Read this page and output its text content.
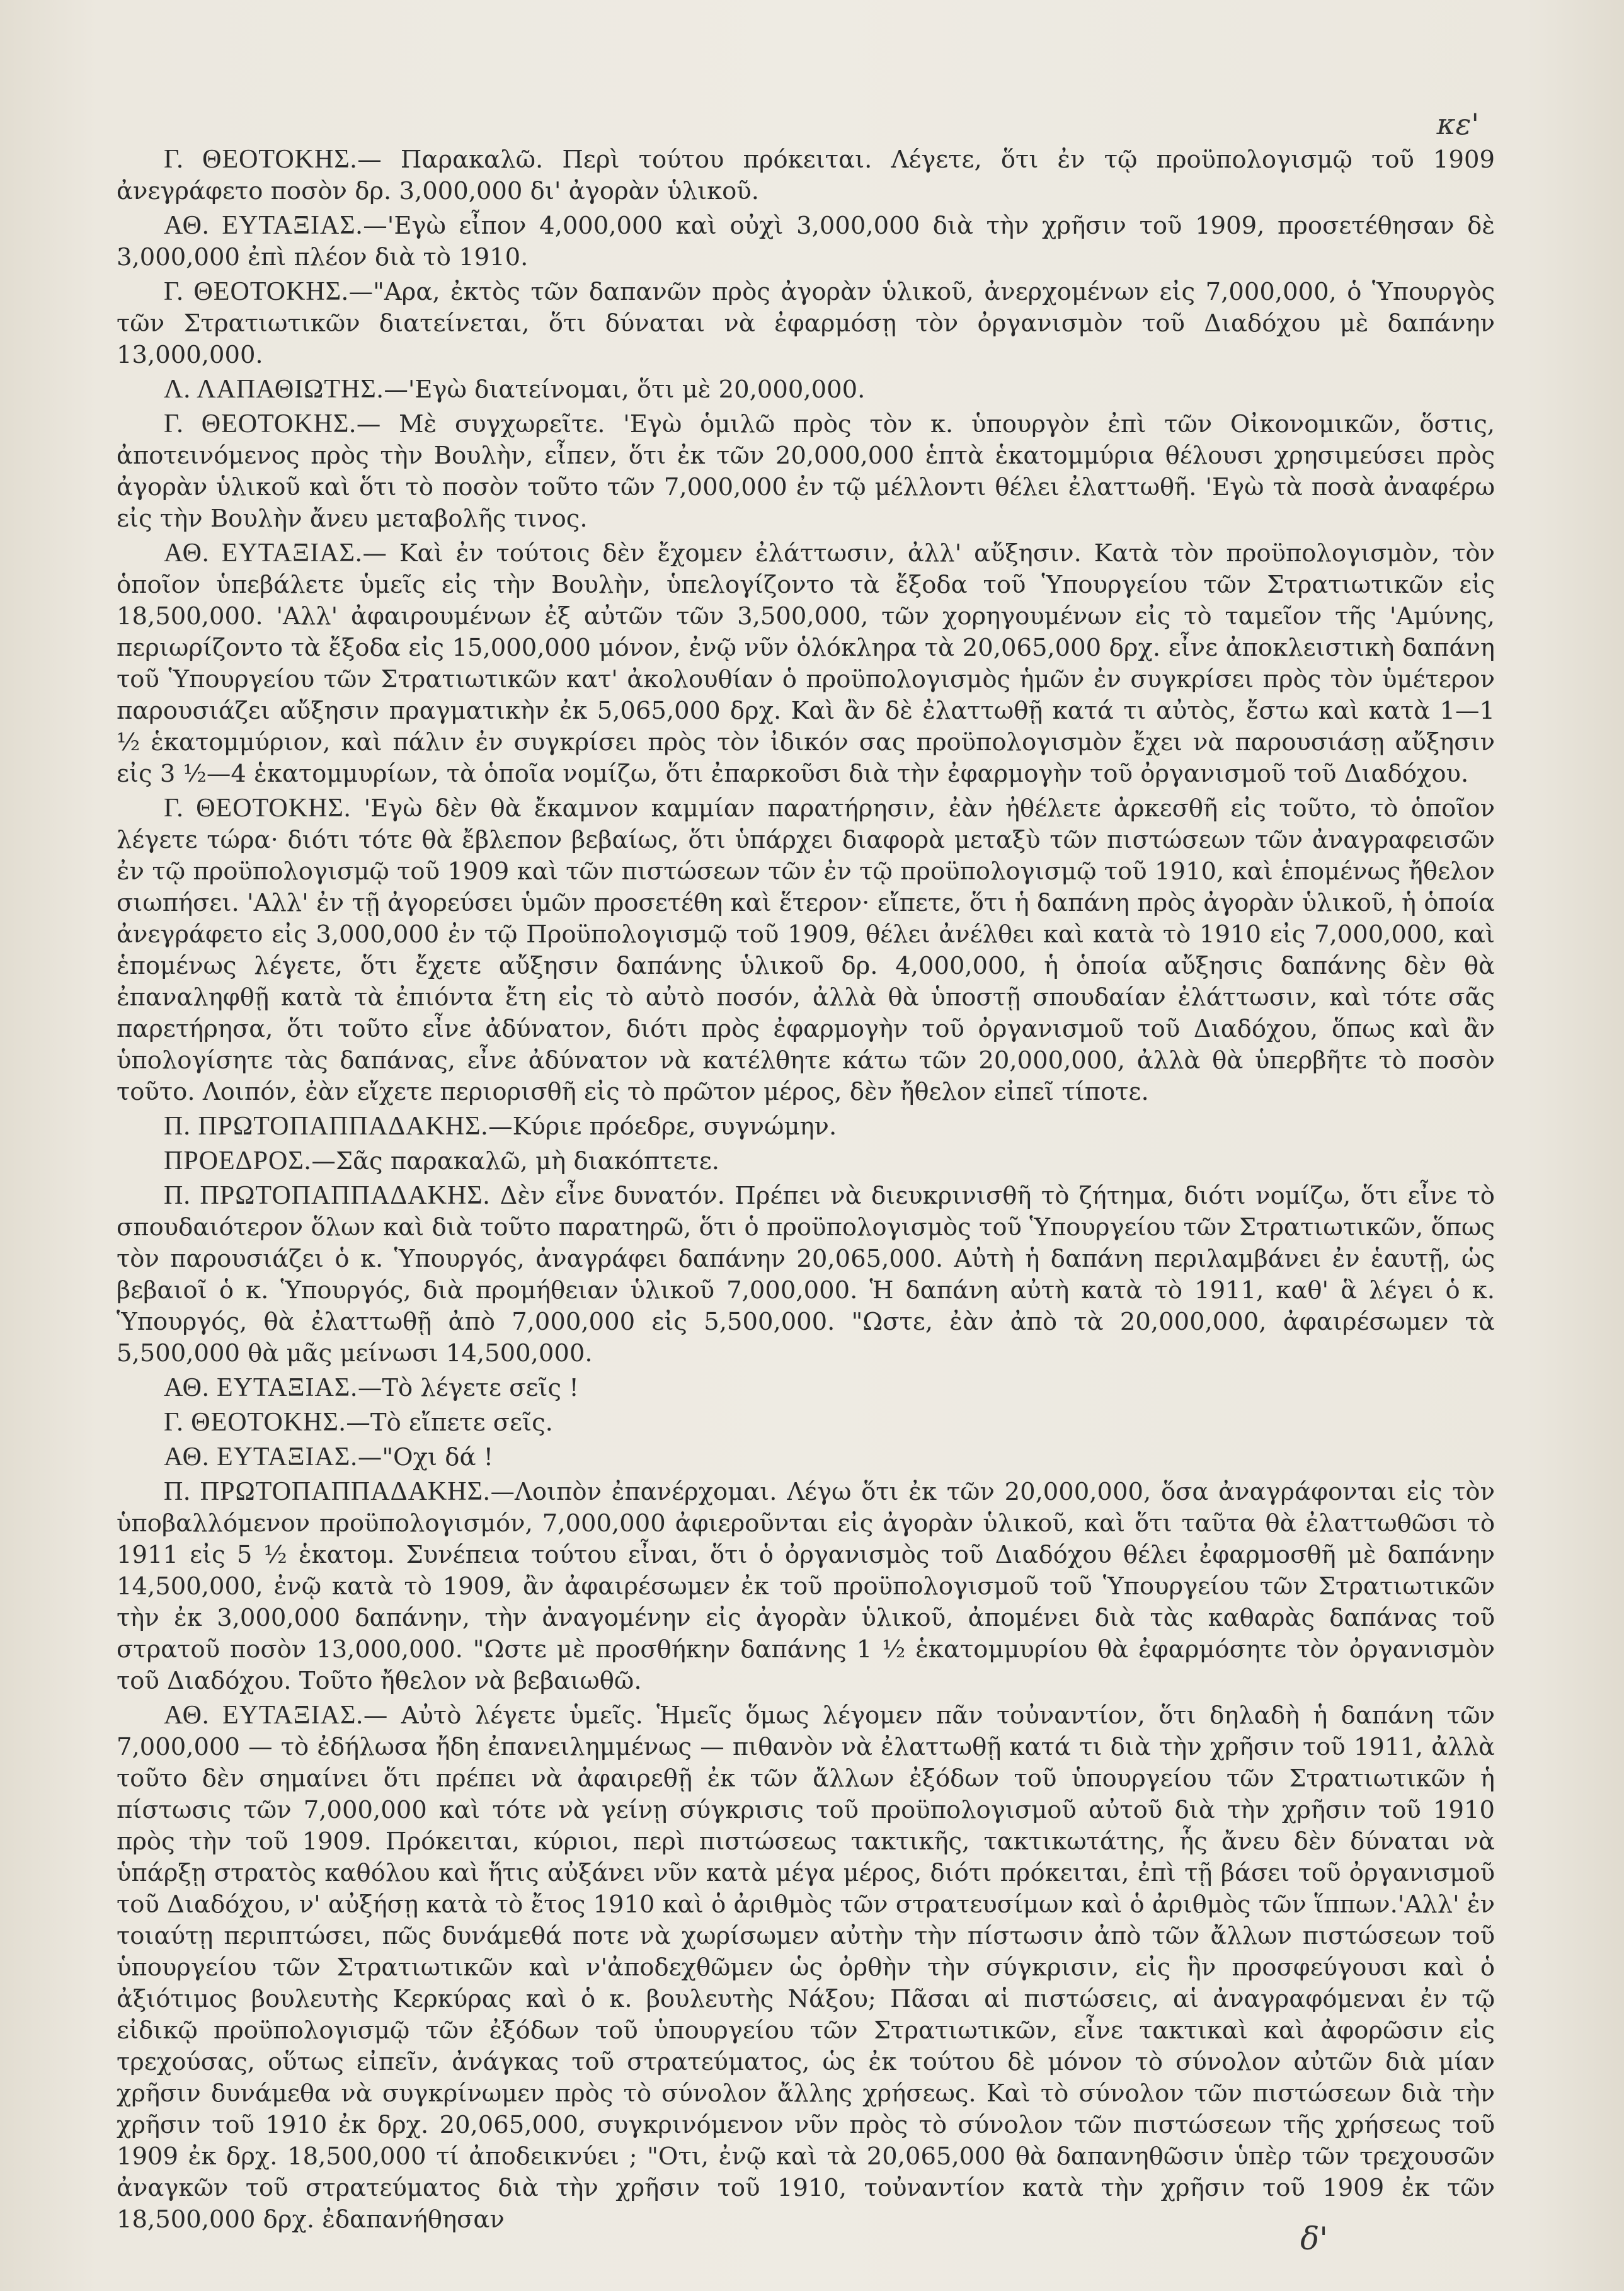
κε'

Γ. ΘΕΟΤΟΚΗΣ.— Παρακαλῶ. Περὶ τούτου πρόκειται. Λέγετε, ὅτι ἐν τῷ προϋπολογισμῷ τοῦ 1909 ἀνεγράφετο ποσὸν δρ. 3,000,000 δι' ἀγορὰν ὑλικοῦ.

ΑΘ. ΕΥΤΑΞΙΑΣ.—'Εγὼ εἶπον 4,000,000 καὶ οὐχὶ 3,000,000 διὰ τὴν χρῆσιν τοῦ 1909, προσετέθησαν δὲ 3,000,000 ἐπὶ πλέον διὰ τὸ 1910.

Γ. ΘΕΟΤΟΚΗΣ.—"Αρα, ἐκτὸς τῶν δαπανῶν πρὸς ἀγορὰν ὑλικοῦ, ἀνερχομένων εἰς 7,000,000, ὁ Ὑπουργὸς τῶν Στρατιωτικῶν διατείνεται, ὅτι δύναται νὰ ἐφαρμόσῃ τὸν ὀργανισμὸν τοῦ Διαδόχου μὲ δαπάνην 13,000,000.

Λ. ΛΑΠΑΘΙΩΤΗΣ.—'Εγὼ διατείνομαι, ὅτι μὲ 20,000,000.

Γ. ΘΕΟΤΟΚΗΣ.— Μὲ συγχωρεῖτε. 'Εγὼ ὁμιλῶ πρὸς τὸν κ. ὑπουργὸν ἐπὶ τῶν Οἰκονομικῶν, ὅστις, ἀποτεινόμενος πρὸς τὴν Βουλὴν, εἶπεν, ὅτι ἐκ τῶν 20,000,000 ἑπτὰ ἑκατομμύρια θέλουσι χρησιμεύσει πρὸς ἀγορὰν ὑλικοῦ καὶ ὅτι τὸ ποσὸν τοῦτο τῶν 7,000,000 ἐν τῷ μέλλοντι θέλει ἐλαττωθῆ. 'Εγὼ τὰ ποσὰ ἀναφέρω εἰς τὴν Βουλὴν ἄνευ μεταβολῆς τινος.

ΑΘ. ΕΥΤΑΞΙΑΣ.— Καὶ ἐν τούτοις δὲν ἔχομεν ἐλάττωσιν, ἀλλ' αὔξησιν. Κατὰ τὸν προϋπολογισμὸν, τὸν ὁποῖον ὑπεβάλετε ὑμεῖς εἰς τὴν Βουλὴν, ὑπελογίζοντο τὰ ἔξοδα τοῦ Ὑπουργείου τῶν Στρατιωτικῶν εἰς 18,500,000. 'Αλλ' ἀφαιρουμένων ἐξ αὐτῶν τῶν 3,500,000, τῶν χορηγουμένων εἰς τὸ ταμεῖον τῆς 'Αμύνης, περιωρίζοντο τὰ ἔξοδα εἰς 15,000,000 μόνον, ἐνῷ νῦν ὁλόκληρα τὰ 20,065,000 δρχ. εἶνε ἀποκλειστικὴ δαπάνη τοῦ Ὑπουργείου τῶν Στρατιωτικῶν κατ' ἀκολουθίαν ὁ προϋπολογισμὸς ἡμῶν ἐν συγκρίσει πρὸς τὸν ὑμέτερον παρουσιάζει αὔξησιν πραγματικὴν ἐκ 5,065,000 δρχ. Καὶ ἂν δὲ ἐλαττωθῇ κατά τι αὐτὸς, ἔστω καὶ κατὰ 1—1 ½ ἑκατομμύριον, καὶ πάλιν ἐν συγκρίσει πρὸς τὸν ἰδικόν σας προϋπολογισμὸν ἔχει νὰ παρουσιάσῃ αὔξησιν εἰς 3 ½—4 ἑκατομμυρίων, τὰ ὁποῖα νομίζω, ὅτι ἐπαρκοῦσι διὰ τὴν ἐφαρμογὴν τοῦ ὀργανισμοῦ τοῦ Διαδόχου.

Γ. ΘΕΟΤΟΚΗΣ. 'Εγὼ δὲν θὰ ἔκαμνον καμμίαν παρατήρησιν, ἐὰν ἠθέλετε ἀρκεσθῆ εἰς τοῦτο, τὸ ὁποῖον λέγετε τώρα· διότι τότε θὰ ἔβλεπον βεβαίως, ὅτι ὑπάρχει διαφορὰ μεταξὺ τῶν πιστώσεων τῶν ἀναγραφεισῶν ἐν τῷ προϋπολογισμῷ τοῦ 1909 καὶ τῶν πιστώσεων τῶν ἐν τῷ προϋπολογισμῷ τοῦ 1910, καὶ ἑπομένως ἤθελον σιωπήσει. 'Αλλ' ἐν τῇ ἀγορεύσει ὑμῶν προσετέθη καὶ ἕτερον· εἴπετε, ὅτι ἡ δαπάνη πρὸς ἀγορὰν ὑλικοῦ, ἡ ὁποία ἀνεγράφετο εἰς 3,000,000 ἐν τῷ Προϋπολογισμῷ τοῦ 1909, θέλει ἀνέλθει καὶ κατὰ τὸ 1910 εἰς 7,000,000, καὶ ἑπομένως λέγετε, ὅτι ἔχετε αὔξησιν δαπάνης ὑλικοῦ δρ. 4,000,000, ἡ ὁποία αὔξησις δαπάνης δὲν θὰ ἐπαναληφθῇ κατὰ τὰ ἐπιόντα ἔτη εἰς τὸ αὐτὸ ποσόν, ἀλλὰ θὰ ὑποστῇ σπουδαίαν ἐλάττωσιν, καὶ τότε σᾶς παρετήρησα, ὅτι τοῦτο εἶνε ἀδύνατον, διότι πρὸς ἐφαρμογὴν τοῦ ὀργανισμοῦ τοῦ Διαδόχου, ὅπως καὶ ἂν ὑπολογίσητε τὰς δαπάνας, εἶνε ἀδύνατον νὰ κατέλθητε κάτω τῶν 20,000,000, ἀλλὰ θὰ ὑπερβῆτε τὸ ποσὸν τοῦτο. Λοιπόν, ἐὰν εἴχετε περιορισθῆ εἰς τὸ πρῶτον μέρος, δὲν ἤθελον εἰπεῖ τίποτε.

Π. ΠΡΩΤΟΠΑΠΠΑΔΑΚΗΣ.—Κύριε πρόεδρε, συγνώμην.

ΠΡΟΕΔΡΟΣ.—Σᾶς παρακαλῶ, μὴ διακόπτετε.

Π. ΠΡΩΤΟΠΑΠΠΑΔΑΚΗΣ. Δὲν εἶνε δυνατόν. Πρέπει νὰ διευκρινισθῆ τὸ ζήτημα, διότι νομίζω, ὅτι εἶνε τὸ σπουδαιότερον ὅλων καὶ διὰ τοῦτο παρατηρῶ, ὅτι ὁ προϋπολογισμὸς τοῦ Ὑπουργείου τῶν Στρατιωτικῶν, ὅπως τὸν παρουσιάζει ὁ κ. Ὑπουργός, ἀναγράφει δαπάνην 20,065,000. Αὐτὴ ἡ δαπάνη περιλαμβάνει ἐν ἑαυτῇ, ὡς βεβαιοῖ ὁ κ. Ὑπουργός, διὰ προμήθειαν ὑλικοῦ 7,000,000. Ἡ δαπάνη αὐτὴ κατὰ τὸ 1911, καθ' ἃ λέγει ὁ κ. Ὑπουργός, θὰ ἐλαττωθῇ ἀπὸ 7,000,000 εἰς 5,500,000. "Ωστε, ἐὰν ἀπὸ τὰ 20,000,000, ἀφαιρέσωμεν τὰ 5,500,000 θὰ μᾶς μείνωσι 14,500,000.

ΑΘ. ΕΥΤΑΞΙΑΣ.—Τὸ λέγετε σεῖς !

Γ. ΘΕΟΤΟΚΗΣ.—Τὸ εἴπετε σεῖς.

ΑΘ. ΕΥΤΑΞΙΑΣ.—"Οχι δά !

Π. ΠΡΩΤΟΠΑΠΠΑΔΑΚΗΣ.—Λοιπὸν ἐπανέρχομαι. Λέγω ὅτι ἐκ τῶν 20,000,000, ὅσα ἀναγράφονται εἰς τὸν ὑποβαλλόμενον προϋπολογισμόν, 7,000,000 ἀφιεροῦνται εἰς ἀγορὰν ὑλικοῦ, καὶ ὅτι ταῦτα θὰ ἐλαττωθῶσι τὸ 1911 εἰς 5 ½ ἑκατομ. Συνέπεια τούτου εἶναι, ὅτι ὁ ὀργανισμὸς τοῦ Διαδόχου θέλει ἐφαρμοσθῆ μὲ δαπάνην 14,500,000, ἐνῷ κατὰ τὸ 1909, ἂν ἀφαιρέσωμεν ἐκ τοῦ προϋπολογισμοῦ τοῦ Ὑπουργείου τῶν Στρατιωτικῶν τὴν ἐκ 3,000,000 δαπάνην, τὴν ἀναγομένην εἰς ἀγορὰν ὑλικοῦ, ἀπομένει διὰ τὰς καθαρὰς δαπάνας τοῦ στρατοῦ ποσὸν 13,000,000. "Ωστε μὲ προσθήκην δαπάνης 1 ½ ἑκατομμυρίου θὰ ἐφαρμόσητε τὸν ὀργανισμὸν τοῦ Διαδόχου. Τοῦτο ἤθελον νὰ βεβαιωθῶ.

ΑΘ. ΕΥΤΑΞΙΑΣ.— Αὐτὸ λέγετε ὑμεῖς. Ἡμεῖς ὅμως λέγομεν πᾶν τοὐναντίον, ὅτι δηλαδὴ ἡ δαπάνη τῶν 7,000,000 — τὸ ἐδήλωσα ἤδη ἐπανειλημμένως — πιθανὸν νὰ ἐλαττωθῇ κατά τι διὰ τὴν χρῆσιν τοῦ 1911, ἀλλὰ τοῦτο δὲν σημαίνει ὅτι πρέπει νὰ ἀφαιρεθῇ ἐκ τῶν ἄλλων ἐξόδων τοῦ ὑπουργείου τῶν Στρατιωτικῶν ἡ πίστωσις τῶν 7,000,000 καὶ τότε νὰ γείνῃ σύγκρισις τοῦ προϋπολογισμοῦ αὐτοῦ διὰ τὴν χρῆσιν τοῦ 1910 πρὸς τὴν τοῦ 1909. Πρόκειται, κύριοι, περὶ πιστώσεως τακτικῆς, τακτικωτάτης, ἧς ἄνευ δὲν δύναται νὰ ὑπάρξῃ στρατὸς καθόλου καὶ ἥτις αὐξάνει νῦν κατὰ μέγα μέρος, διότι πρόκειται, ἐπὶ τῇ βάσει τοῦ ὀργανισμοῦ τοῦ Διαδόχου, ν' αὐξήσῃ κατὰ τὸ ἔτος 1910 καὶ ὁ ἀριθμὸς τῶν στρατευσίμων καὶ ὁ ἀριθμὸς τῶν ἵππων.'Αλλ' ἐν τοιαύτῃ περιπτώσει, πῶς δυνάμεθά ποτε νὰ χωρίσωμεν αὐτὴν τὴν πίστωσιν ἀπὸ τῶν ἄλλων πιστώσεων τοῦ ὑπουργείου τῶν Στρατιωτικῶν καὶ ν'ἀποδεχθῶμεν ὡς ὀρθὴν τὴν σύγκρισιν, εἰς ἣν προσφεύγουσι καὶ ὁ ἀξιότιμος βουλευτὴς Κερκύρας καὶ ὁ κ. βουλευτὴς Νάξου; Πᾶσαι αἱ πιστώσεις, αἱ ἀναγραφόμεναι ἐν τῷ εἰδικῷ προϋπολογισμῷ τῶν ἐξόδων τοῦ ὑπουργείου τῶν Στρατιωτικῶν, εἶνε τακτικαὶ καὶ ἀφορῶσιν εἰς τρεχούσας, οὕτως εἰπεῖν, ἀνάγκας τοῦ στρατεύματος, ὡς ἐκ τούτου δὲ μόνον τὸ σύνολον αὐτῶν διὰ μίαν χρῆσιν δυνάμεθα νὰ συγκρίνωμεν πρὸς τὸ σύνολον ἄλλης χρήσεως. Καὶ τὸ σύνολον τῶν πιστώσεων διὰ τὴν χρῆσιν τοῦ 1910 ἐκ δρχ. 20,065,000, συγκρινόμενον νῦν πρὸς τὸ σύνολον τῶν πιστώσεων τῆς χρήσεως τοῦ 1909 ἐκ δρχ. 18,500,000 τί ἀποδεικνύει ; "Οτι, ἐνῷ καὶ τὰ 20,065,000 θὰ δαπανηθῶσιν ὑπὲρ τῶν τρεχουσῶν ἀναγκῶν τοῦ στρατεύματος διὰ τὴν χρῆσιν τοῦ 1910, τοὐναντίον κατὰ τὴν χρῆσιν τοῦ 1909 ἐκ τῶν 18,500,000 δρχ. ἐδαπανήθησαν

δ'
